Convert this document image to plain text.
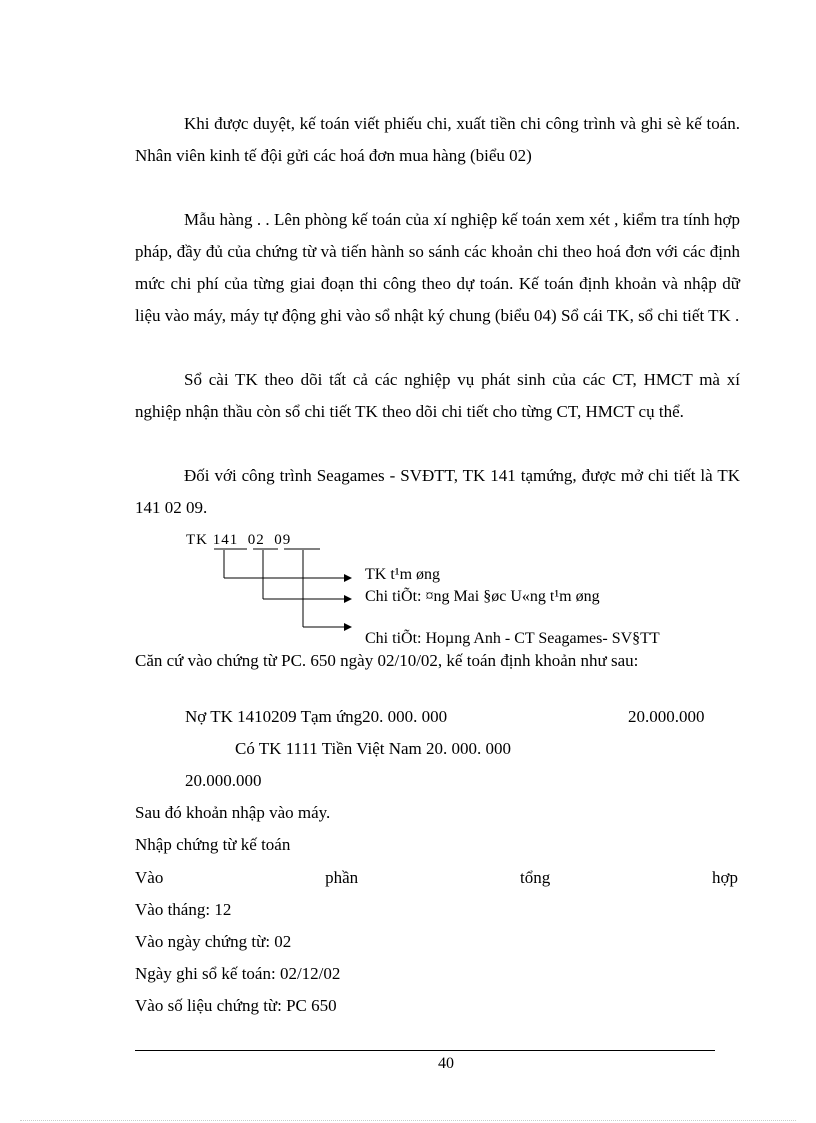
Khi được duyệt, kế toán viết phiếu chi, xuất tiền chi công trình và ghi sè kế toán. Nhân viên kinh tế đội gửi các hoá đơn mua hàng (biểu 02)

Mẫu hàng . . Lên phòng kế toán của xí nghiệp kế toán xem xét , kiểm tra tính hợp pháp, đầy đủ của chứng từ và tiến hành so sánh các khoản chi theo hoá đơn với các định mức chi phí của từng giai đoạn thi công theo dự toán. Kế toán định khoản và nhập dữ liệu vào máy, máy tự động ghi vào sổ nhật ký chung (biểu 04) Sổ cái TK, sổ chi tiết TK .

Sổ cài TK theo dõi tất cả các nghiệp vụ phát sinh của các CT, HMCT mà xí nghiệp nhận thầu còn sổ chi tiết TK theo dõi chi tiết cho từng CT, HMCT cụ thể.

Đối với công trình Seagames - SVĐTT, TK 141 tạmứng, được mở chi tiết là TK 141 02 09.

TK 141 02 09
TK t¹m øng
Chi tiÕt: ¤ng Mai §øc U«ng t¹m øng
Chi tiÕt: Hoµng Anh - CT Seagames- SV§TT

Căn cứ vào chứng từ PC. 650 ngày 02/10/02, kế toán định khoản như sau:

Nợ TK 1410209 Tạm ứng20. 000. 000	20.000.000
Có TK 1111 Tiền Việt Nam 20. 000. 000
20.000.000
Sau đó khoản nhập vào máy.
Nhập chứng từ kế toán
Vào	phần	tổng	hợp
Vào tháng: 12
Vào ngày chứng từ: 02
Ngày ghi sổ kế toán: 02/12/02
Vào số liệu chứng từ: PC 650
40
